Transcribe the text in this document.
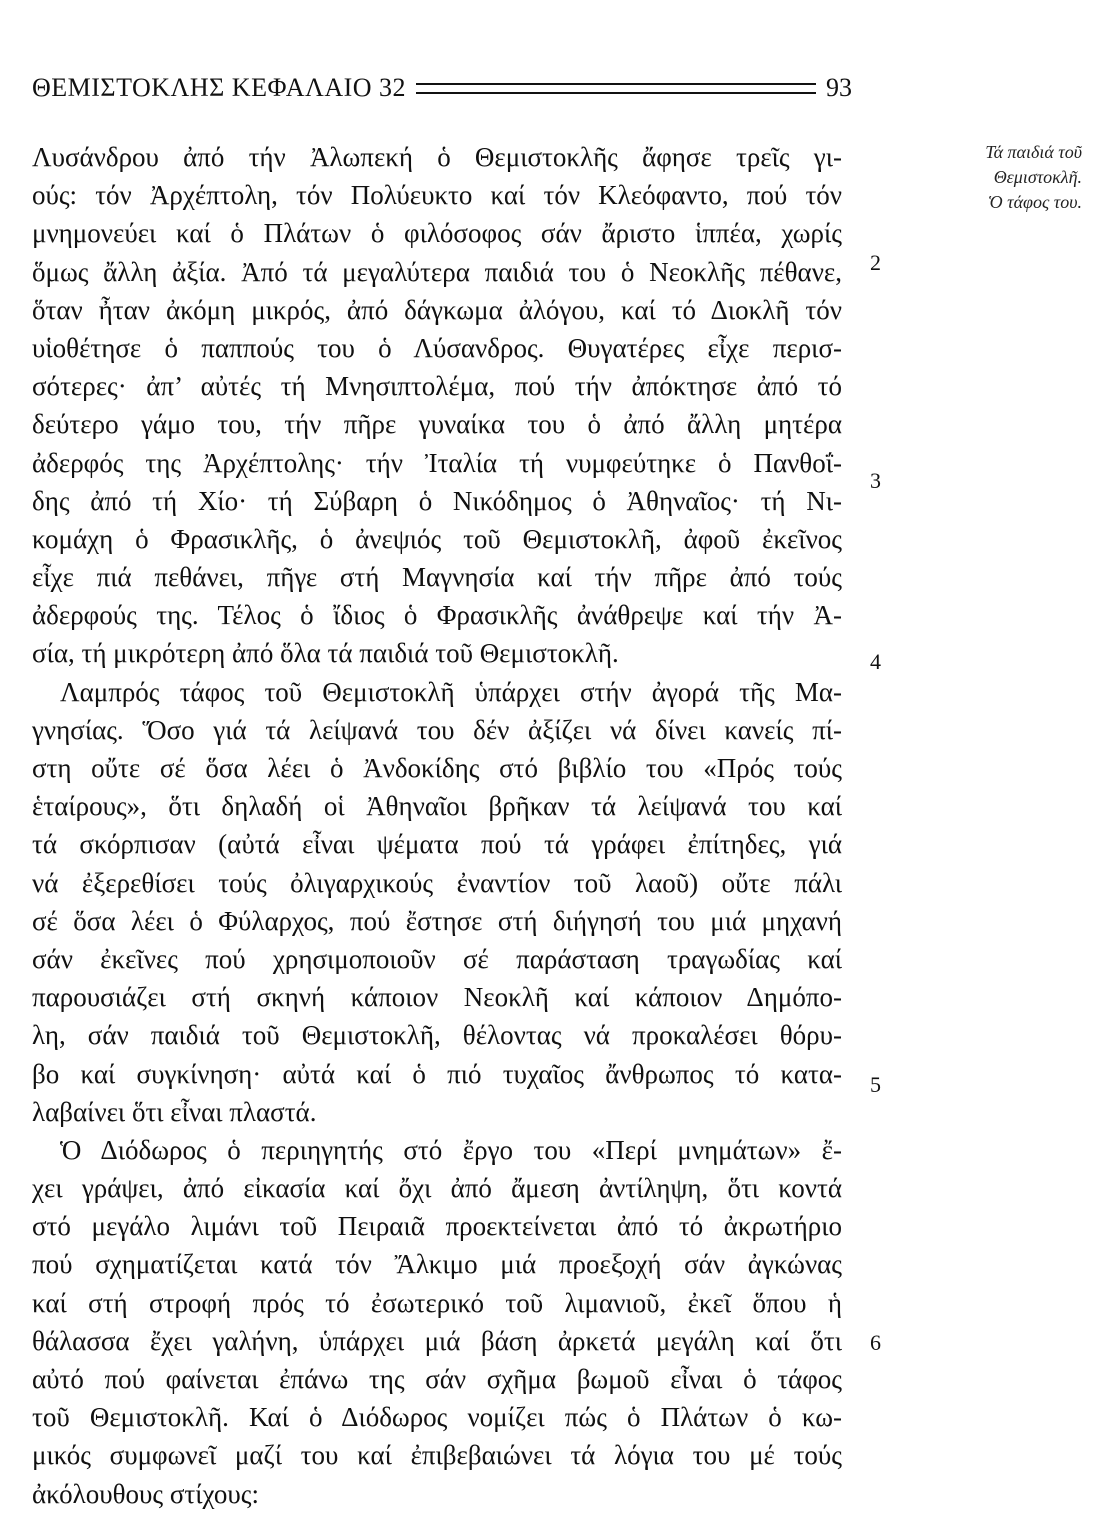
ΘΕΜΙΣΤΟΚΛΗΣ ΚΕΦΑΛΑΙΟ 32	93
Τά παιδιά τοῦ
Θεμιστοκλῆ.
Ὁ τάφος του.
2
3
4
5
6
Λυσάνδρου ἀπό τήν Ἀλωπεκή ὁ Θεμιστοκλῆς ἄφησε τρεῖς γι-
ούς: τόν Ἀρχέπτολη, τόν Πολύευκτο καί τόν Κλεόφαντο, πού τόν
μνημονεύει καί ὁ Πλάτων ὁ φιλόσοφος σάν ἄριστο ἱππέα, χωρίς
ὅμως ἄλλη ἀξία. Ἀπό τά μεγαλύτερα παιδιά του ὁ Νεοκλῆς πέθανε,
ὅταν ἦταν ἀκόμη μικρός, ἀπό δάγκωμα ἀλόγου, καί τό Διοκλῆ τόν
υἱοθέτησε ὁ παππούς του ὁ Λύσανδρος. Θυγατέρες εἶχε περισ-
σότερες· ἀπ’ αὐτές τή Μνησιπτολέμα, πού τήν ἀπόκτησε ἀπό τό
δεύτερο γάμο του, τήν πῆρε γυναίκα του ὁ ἀπό ἄλλη μητέρα
ἀδερφός της Ἀρχέπτολης· τήν Ἰταλία τή νυμφεύτηκε ὁ Πανθοΐ-
δης ἀπό τή Χίο· τή Σύβαρη ὁ Νικόδημος ὁ Ἀθηναῖος· τή Νι-
κομάχη ὁ Φρασικλῆς, ὁ ἀνεψιός τοῦ Θεμιστοκλῆ, ἀφοῦ ἐκεῖνος
εἶχε πιά πεθάνει, πῆγε στή Μαγνησία καί τήν πῆρε ἀπό τούς
ἀδερφούς της. Τέλος ὁ ἴδιος ὁ Φρασικλῆς ἀνάθρεψε καί τήν Ἀ-
σία, τή μικρότερη ἀπό ὅλα τά παιδιά τοῦ Θεμιστοκλῆ.
Λαμπρός τάφος τοῦ Θεμιστοκλῆ ὑπάρχει στήν ἀγορά τῆς Μα-
γνησίας. Ὅσο γιά τά λείψανά του δέν ἀξίζει νά δίνει κανείς πί-
στη οὔτε σέ ὅσα λέει ὁ Ἀνδοκίδης στό βιβλίο του «Πρός τούς
ἑταίρους», ὅτι δηλαδή οἱ Ἀθηναῖοι βρῆκαν τά λείψανά του καί
τά σκόρπισαν (αὐτά εἶναι ψέματα πού τά γράφει ἐπίτηδες, γιά
νά ἐξερεθίσει τούς ὀλιγαρχικούς ἐναντίον τοῦ λαοῦ) οὔτε πάλι
σέ ὅσα λέει ὁ Φύλαρχος, πού ἔστησε στή διήγησή του μιά μηχανή
σάν ἐκεῖνες πού χρησιμοποιοῦν σέ παράσταση τραγωδίας καί
παρουσιάζει στή σκηνή κάποιον Νεοκλῆ καί κάποιον Δημόπο-
λη, σάν παιδιά τοῦ Θεμιστοκλῆ, θέλοντας νά προκαλέσει θόρυ-
βο καί συγκίνηση· αὐτά καί ὁ πιό τυχαῖος ἄνθρωπος τό κατα-
λαβαίνει ὅτι εἶναι πλαστά.
Ὁ Διόδωρος ὁ περιηγητής στό ἔργο του «Περί μνημάτων» ἔ-
χει γράψει, ἀπό εἰκασία καί ὄχι ἀπό ἄμεση ἀντίληψη, ὅτι κοντά
στό μεγάλο λιμάνι τοῦ Πειραιᾶ προεκτείνεται ἀπό τό ἀκρωτήριο
πού σχηματίζεται κατά τόν Ἄλκιμο μιά προεξοχή σάν ἀγκώνας
καί στή στροφή πρός τό ἐσωτερικό τοῦ λιμανιοῦ, ἐκεῖ ὅπου ἡ
θάλασσα ἔχει γαλήνη, ὑπάρχει μιά βάση ἀρκετά μεγάλη καί ὅτι
αὐτό πού φαίνεται ἐπάνω της σάν σχῆμα βωμοῦ εἶναι ὁ τάφος
τοῦ Θεμιστοκλῆ. Καί ὁ Διόδωρος νομίζει πώς ὁ Πλάτων ὁ κω-
μικός συμφωνεῖ μαζί του καί ἐπιβεβαιώνει τά λόγια του μέ τούς
ἀκόλουθους στίχους:
